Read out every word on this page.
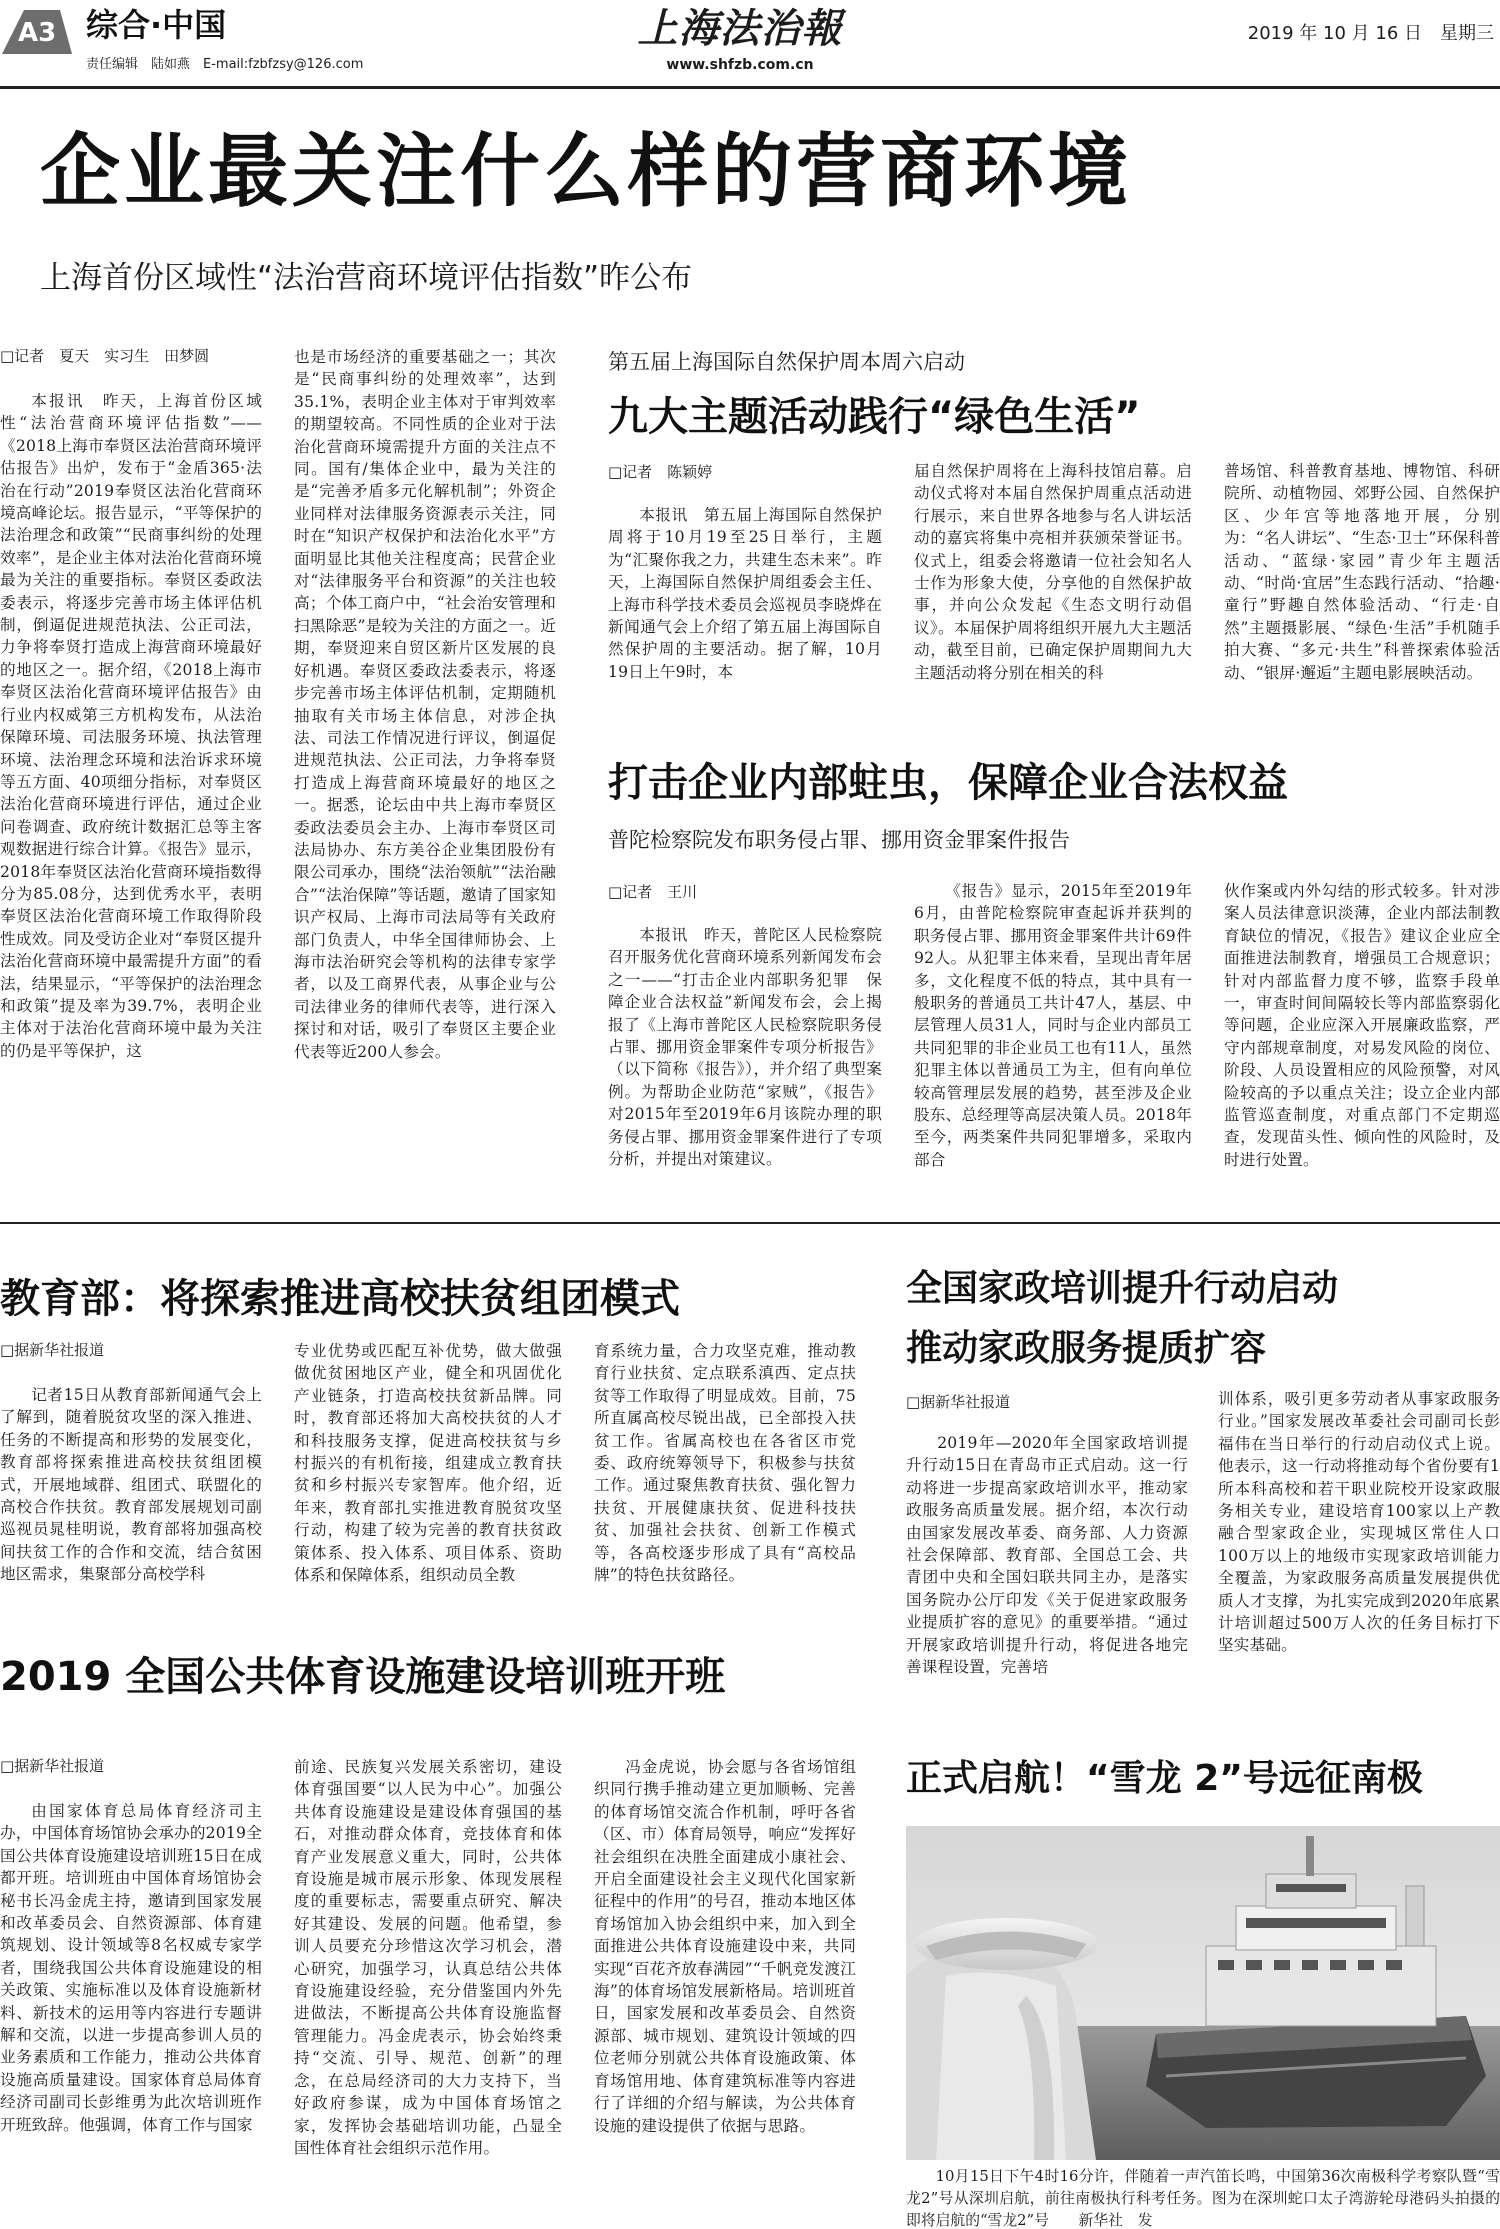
A3 综合·中国
责任编辑　陆如燕　E-mail:fzbfzsy@126.com
上海法治報
www.shfzb.com.cn
2019 年 10 月 16 日　星期三
企业最关注什么样的营商环境
上海首份区域性“法治营商环境评估指数”昨公布
□记者　夏天　实习生　田梦圆

本报讯　昨天，上海首份区域性“法治营商环境评估指数”——《2018上海市奉贤区法治营商环境评估报告》出炉，发布于“金盾365·法治在行动”2019奉贤区法治化营商环境高峰论坛。报告显示，“平等保护的法治理念和政策”“民商事纠纷的处理效率”，是企业主体对法治化营商环境最为关注的重要指标。奉贤区委政法委表示，将逐步完善市场主体评估机制，倒逼促进规范执法、公正司法，力争将奉贤打造成上海营商环境最好的地区之一。据介绍，《2018上海市奉贤区法治化营商环境评估报告》由行业内权威第三方机构发布，从法治保障环境、司法服务环境、执法管理环境、法治理念环境和法治诉求环境等五方面、40项细分指标，对奉贤区法治化营商环境进行评估，通过企业问卷调查、政府统计数据汇总等主客观数据进行综合计算。《报告》显示，2018年奉贤区法治化营商环境指数得分为85.08分，达到优秀水平，表明奉贤区法治化营商环境工作取得阶段性成效。同及受访企业对“奉贤区提升法治化营商环境中最需提升方面”的看法，结果显示，“平等保护的法治理念和政策”提及率为39.7%，表明企业主体对于法治化营商环境中最为关注的仍是平等保护，这

也是市场经济的重要基础之一；其次是“民商事纠纷的处理效率”，达到35.1%，表明企业主体对于审判效率的期望较高。不同性质的企业对于法治化营商环境需提升方面的关注点不同。国有/集体企业中，最为关注的是“完善矛盾多元化解机制”；外资企业同样对法律服务资源表示关注，同时在“知识产权保护和法治化水平”方面明显比其他关注程度高；民营企业对“法律服务平台和资源”的关注也较高；个体工商户中，“社会治安管理和扫黑除恶”是较为关注的方面之一。近期，奉贤迎来自贸区新片区发展的良好机遇。奉贤区委政法委表示，将逐步完善市场主体评估机制，定期随机抽取有关市场主体信息，对涉企执法、司法工作情况进行评议，倒逼促进规范执法、公正司法，力争将奉贤打造成上海营商环境最好的地区之一。据悉，论坛由中共上海市奉贤区委政法委员会主办、上海市奉贤区司法局协办、东方美谷企业集团股份有限公司承办，围绕“法治领航”“法治融合”“法治保障”等话题，邀请了国家知识产权局、上海市司法局等有关政府部门负责人，中华全国律师协会、上海市法治研究会等机构的法律专家学者，以及工商界代表，从事企业与公司法律业务的律师代表等，进行深入探讨和对话，吸引了奉贤区主要企业代表等近200人参会。

第五届上海国际自然保护周本周六启动
九大主题活动践行“绿色生活”
□记者　陈颖婷

本报讯　第五届上海国际自然保护周将于10月19至25日举行，主题为“汇聚你我之力，共建生态未来”。昨天，上海国际自然保护周组委会主任、上海市科学技术委员会巡视员李晓烨在新闻通气会上介绍了第五届上海国际自然保护周的主要活动。据了解，10月19日上午9时，本

届自然保护周将在上海科技馆启幕。启动仪式将对本届自然保护周重点活动进行展示，来自世界各地参与名人讲坛活动的嘉宾将集中亮相并获颁荣誉证书。仪式上，组委会将邀请一位社会知名人士作为形象大使，分享他的自然保护故事，并向公众发起《生态文明行动倡议》。本届保护周将组织开展九大主题活动，截至目前，已确定保护周期间九大主题活动将分别在相关的科

普场馆、科普教育基地、博物馆、科研院所、动植物园、郊野公园、自然保护区、少年宫等地落地开展，分别为：“名人讲坛”、“生态·卫士”环保科普活动、“蓝绿·家园”青少年主题活动、“时尚·宜居”生态践行活动、“拾趣·童行”野趣自然体验活动、“行走·自然”主题摄影展、“绿色·生活”手机随手拍大赛、“多元·共生”科普探索体验活动、“银屏·邂逅”主题电影展映活动。

打击企业内部蛀虫，保障企业合法权益
普陀检察院发布职务侵占罪、挪用资金罪案件报告
□记者　王川

本报讯　昨天，普陀区人民检察院召开服务优化营商环境系列新闻发布会之一——“打击企业内部职务犯罪　保障企业合法权益”新闻发布会，会上揭报了《上海市普陀区人民检察院职务侵占罪、挪用资金罪案件专项分析报告》（以下简称《报告》），并介绍了典型案例。为帮助企业防范“家贼”，《报告》对2015年至2019年6月该院办理的职务侵占罪、挪用资金罪案件进行了专项分析，并提出对策建议。

《报告》显示，2015年至2019年6月，由普陀检察院审查起诉并获判的职务侵占罪、挪用资金罪案件共计69件92人。从犯罪主体来看，呈现出青年居多，文化程度不低的特点，其中具有一般职务的普通员工共计47人，基层、中层管理人员31人，同时与企业内部员工共同犯罪的非企业员工也有11人，虽然犯罪主体以普通员工为主，但有向单位较高管理层发展的趋势，甚至涉及企业股东、总经理等高层决策人员。2018年至今，两类案件共同犯罪增多，采取内部合

伙作案或内外勾结的形式较多。针对涉案人员法律意识淡薄，企业内部法制教育缺位的情况，《报告》建议企业应全面推进法制教育，增强员工合规意识；针对内部监督力度不够，监察手段单一，审查时间间隔较长等内部监察弱化等问题，企业应深入开展廉政监察，严守内部规章制度，对易发风险的岗位、阶段、人员设置相应的风险预警，对风险较高的予以重点关注；设立企业内部监管巡查制度，对重点部门不定期巡查，发现苗头性、倾向性的风险时，及时进行处置。

教育部：将探索推进高校扶贫组团模式
□据新华社报道

记者15日从教育部新闻通气会上了解到，随着脱贫攻坚的深入推进、任务的不断提高和形势的发展变化，教育部将探索推进高校扶贫组团模式，开展地域群、组团式、联盟化的高校合作扶贫。教育部发展规划司副巡视员晁桂明说，教育部将加强高校间扶贫工作的合作和交流，结合贫困地区需求，集聚部分高校学科

专业优势或匹配互补优势，做大做强做优贫困地区产业，健全和巩固优化产业链条，打造高校扶贫新品牌。同时，教育部还将加大高校扶贫的人才和科技服务支撑，促进高校扶贫与乡村振兴的有机衔接，组建成立教育扶贫和乡村振兴专家智库。他介绍，近年来，教育部扎实推进教育脱贫攻坚行动，构建了较为完善的教育扶贫政策体系、投入体系、项目体系、资助体系和保障体系，组织动员全教

育系统力量，合力攻坚克难，推动教育行业扶贫、定点联系滇西、定点扶贫等工作取得了明显成效。目前，75所直属高校尽锐出战，已全部投入扶贫工作。省属高校也在各省区市党委、政府统筹领导下，积极参与扶贫工作。通过聚焦教育扶贫、强化智力扶贫、开展健康扶贫、促进科技扶贫、加强社会扶贫、创新工作模式等，各高校逐步形成了具有“高校品牌”的特色扶贫路径。

2019 全国公共体育设施建设培训班开班
□据新华社报道

由国家体育总局体育经济司主办，中国体育场馆协会承办的2019全国公共体育设施建设培训班15日在成都开班。培训班由中国体育场馆协会秘书长冯金虎主持，邀请到国家发展和改革委员会、自然资源部、体育建筑规划、设计领域等8名权威专家学者，围绕我国公共体育设施建设的相关政策、实施标准以及体育设施新材料、新技术的运用等内容进行专题讲解和交流，以进一步提高参训人员的业务素质和工作能力，推动公共体育设施高质量建设。国家体育总局体育经济司副司长彭维勇为此次培训班作开班致辞。他强调，体育工作与国家

前途、民族复兴发展关系密切，建设体育强国要“以人民为中心”。加强公共体育设施建设是建设体育强国的基石，对推动群众体育，竞技体育和体育产业发展意义重大，同时，公共体育设施是城市展示形象、体现发展程度的重要标志，需要重点研究、解决好其建设、发展的问题。他希望，参训人员要充分珍惜这次学习机会，潜心研究，加强学习，认真总结公共体育设施建设经验，充分借鉴国内外先进做法，不断提高公共体育设施监督管理能力。冯金虎表示，协会始终秉持“交流、引导、规范、创新”的理念，在总局经济司的大力支持下，当好政府参谋，成为中国体育场馆之家，发挥协会基础培训功能，凸显全国性体育社会组织示范作用。

冯金虎说，协会愿与各省场馆组织同行携手推动建立更加顺畅、完善的体育场馆交流合作机制，呼吁各省（区、市）体育局领导，响应“发挥好社会组织在决胜全面建成小康社会、开启全面建设社会主义现代化国家新征程中的作用”的号召，推动本地区体育场馆加入协会组织中来，加入到全面推进公共体育设施建设中来，共同实现“百花齐放春满园”“千帆竞发渡江海”的体育场馆发展新格局。培训班首日，国家发展和改革委员会、自然资源部、城市规划、建筑设计领域的四位老师分别就公共体育设施政策、体育场馆用地、体育建筑标准等内容进行了详细的介绍与解读，为公共体育设施的建设提供了依据与思路。

全国家政培训提升行动启动
推动家政服务提质扩容
□据新华社报道

2019年—2020年全国家政培训提升行动15日在青岛市正式启动。这一行动将进一步提高家政培训水平，推动家政服务高质量发展。据介绍，本次行动由国家发展改革委、商务部、人力资源社会保障部、教育部、全国总工会、共青团中央和全国妇联共同主办，是落实国务院办公厅印发《关于促进家政服务业提质扩容的意见》的重要举措。“通过开展家政培训提升行动，将促进各地完善课程设置，完善培

训体系，吸引更多劳动者从事家政服务行业。”国家发展改革委社会司副司长彭福伟在当日举行的行动启动仪式上说。他表示，这一行动将推动每个省份要有1所本科高校和若干职业院校开设家政服务相关专业，建设培育100家以上产教融合型家政企业，实现城区常住人口100万以上的地级市实现家政培训能力全覆盖，为家政服务高质量发展提供优质人才支撑，为扎实完成到2020年底累计培训超过500万人次的任务目标打下坚实基础。

正式启航！“雪龙 2”号远征南极

10月15日下午4时16分许，伴随着一声汽笛长鸣，中国第36次南极科学考察队暨“雪龙2”号从深圳启航，前往南极执行科考任务。图为在深圳蛇口太子湾游轮母港码头拍摄的即将启航的“雪龙2”号　　新华社　发
